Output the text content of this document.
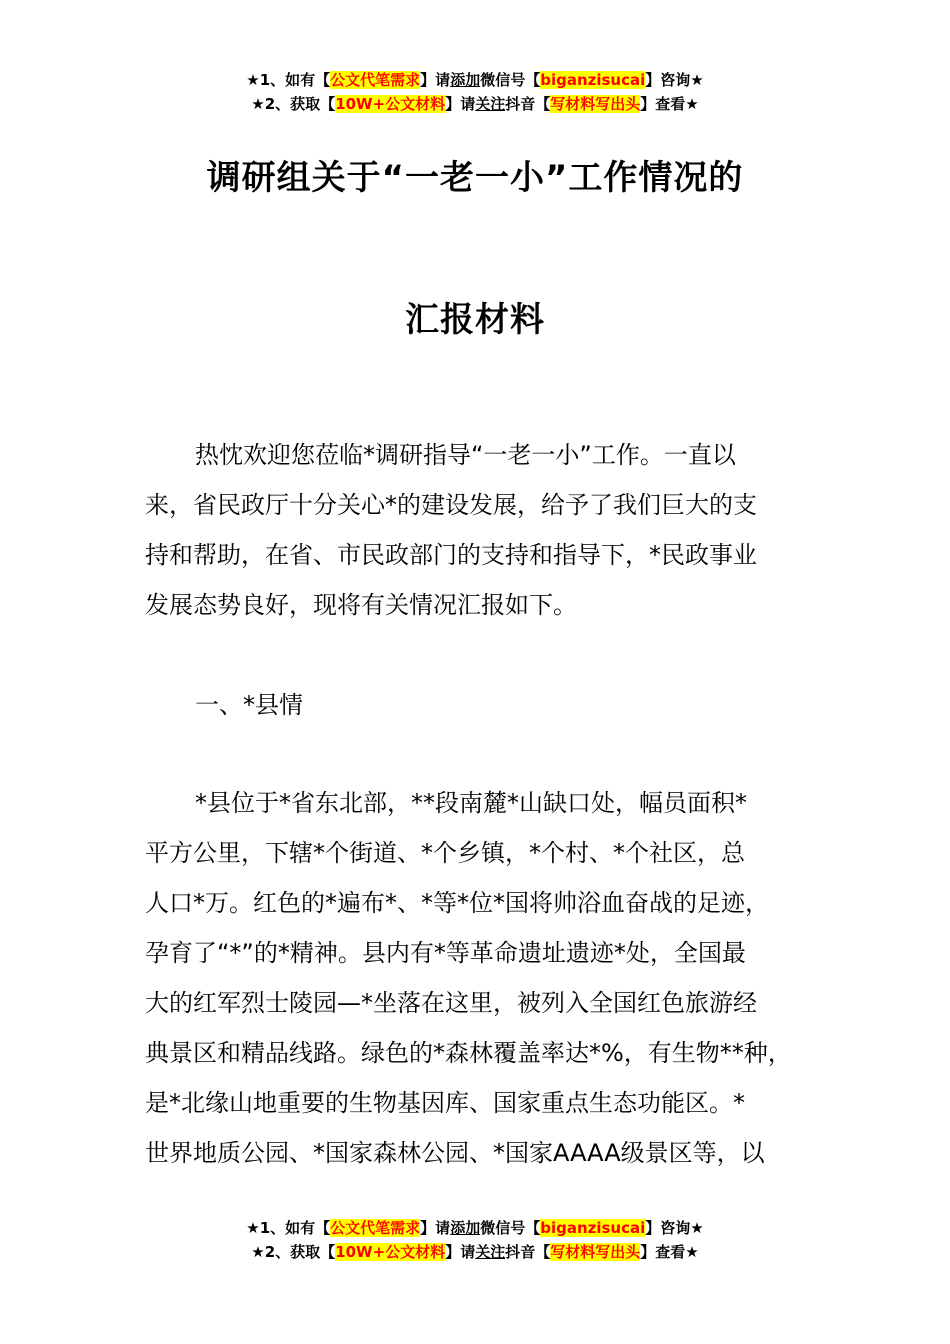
★1、如有【公文代笔需求】请添加微信号【biganzisucai】咨询★
★2、获取【10W+公文材料】请关注抖音【写材料写出头】查看★
调研组关于“一老一小”工作情况的
汇报材料
热忱欢迎您莅临*调研指导“一老一小”工作。一直以
来，省民政厅十分关心*的建设发展，给予了我们巨大的支
持和帮助，在省、市民政部门的支持和指导下，*民政事业
发展态势良好，现将有关情况汇报如下。
一、*县情
*县位于*省东北部，**段南麓*山缺口处，幅员面积*
平方公里，下辖*个街道、*个乡镇，*个村、*个社区，总
人口*万。红色的*遍布*、*等*位*国将帅浴血奋战的足迹，
孕育了“*”的*精神。县内有*等革命遗址遗迹*处，全国最
大的红军烈士陵园—*坐落在这里，被列入全国红色旅游经
典景区和精品线路。绿色的*森林覆盖率达*%，有生物**种，
是*北缘山地重要的生物基因库、国家重点生态功能区。*
世界地质公园、*国家森林公园、*国家AAAA级景区等，以
★1、如有【公文代笔需求】请添加微信号【biganzisucai】咨询★
★2、获取【10W+公文材料】请关注抖音【写材料写出头】查看★
